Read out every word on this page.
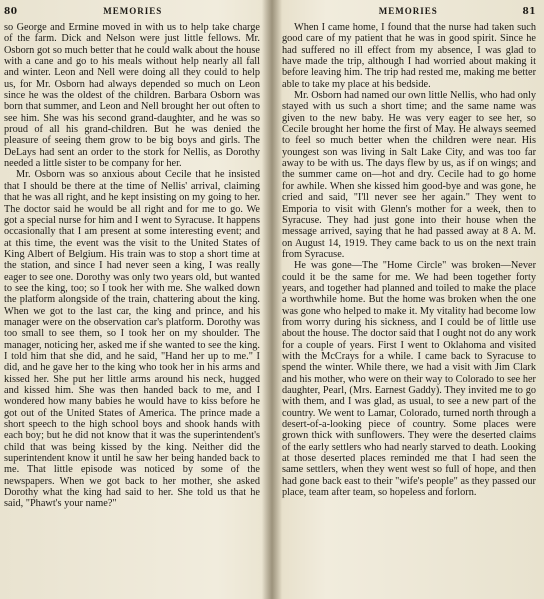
80	MEMORIES

so George and Ermine moved in with us to help take charge of the farm. Dick and Nelson were just little fellows. Mr. Osborn got so much better that he could walk about the house with a cane and go to his meals without help nearly all fall and winter. Leon and Nell were doing all they could to help us, for Mr. Osborn had always depended so much on Leon since he was the oldest of the children. Barbara Osborn was born that summer, and Leon and Nell brought her out often to see him. She was his second grand-daughter, and he was so proud of all his grand-children. But he was denied the pleasure of seeing them grow to be big boys and girls. The DeLays had sent an order to the stork for Nellis, as Dorothy needed a little sister to be company for her.

Mr. Osborn was so anxious about Cecile that he insisted that I should be there at the time of Nellis' arrival, claiming that he was all right, and he kept insisting on my going to her. The doctor said he would be all right and for me to go. We got a special nurse for him and I went to Syracuse. It happens occasionally that I am present at some interesting event; and at this time, the event was the visit to the United States of King Albert of Belgium. His train was to stop a short time at the station, and since I had never seen a king, I was really eager to see one. Dorothy was only two years old, but wanted to see the king, too; so I took her with me. She walked down the platform alongside of the train, chattering about the king. When we got to the last car, the king and prince, and his manager were on the observation car's platform. Dorothy was too small to see them, so I took her on my shoulder. The manager, noticing her, asked me if she wanted to see the king. I told him that she did, and he said, "Hand her up to me." I did, and he gave her to the king who took her in his arms and kissed her. She put her little arms around his neck, hugged and kissed him. She was then handed back to me, and I wondered how many babies he would have to kiss before he got out of the United States of America. The prince made a short speech to the high school boys and shook hands with each boy; but he did not know that it was the superintendent's child that was being kissed by the king. Neither did the superintendent know it until he saw her being handed back to me. That little episode was noticed by some of the newspapers. When we got back to her mother, she asked Dorothy what the king had said to her. She told us that he said, "Phawt's your name?"

MEMORIES	81

When I came home, I found that the nurse had taken such good care of my patient that he was in good spirit. Since he had suffered no ill effect from my absence, I was glad to have made the trip, although I had worried about making it before leaving him. The trip had rested me, making me better able to take my place at his bedside.

Mr. Osborn had named our own little Nellis, who had only stayed with us such a short time; and the same name was given to the new baby. He was very eager to see her, so Cecile brought her home the first of May. He always seemed to feel so much better when the children were near. His youngest son was living in Salt Lake City, and was too far away to be with us. The days flew by us, as if on wings; and the summer came on—hot and dry. Cecile had to go home for awhile. When she kissed him good-bye and was gone, he cried and said, "I'll never see her again." They went to Emporia to visit with Glenn's mother for a week, then to Syracuse. They had just gone into their house when the message arrived, saying that he had passed away at 8 A. M. on August 14, 1919. They came back to us on the next train from Syracuse.

He was gone—The "Home Circle" was broken—Never could it be the same for me. We had been together forty years, and together had planned and toiled to make the place a worthwhile home. But the home was broken when the one was gone who helped to make it. My vitality had become low from worry during his sickness, and I could be of little use about the house. The doctor said that I ought not do any work for a couple of years. First I went to Oklahoma and visited with the McCrays for a while. I came back to Syracuse to spend the winter. While there, we had a visit with Jim Clark and his mother, who were on their way to Colorado to see her daughter, Pearl, (Mrs. Earnest Gaddy). They invited me to go with them, and I was glad, as usual, to see a new part of the country. We went to Lamar, Colorado, turned north through a desert-of-a-looking piece of country. Some places were grown thick with sunflowers. They were the deserted claims of the early settlers who had nearly starved to death. Looking at those deserted places reminded me that I had seen the same settlers, when they went west so full of hope, and then had gone back east to their "wife's people" as they passed our place, team after team, so hopeless and forlorn.
